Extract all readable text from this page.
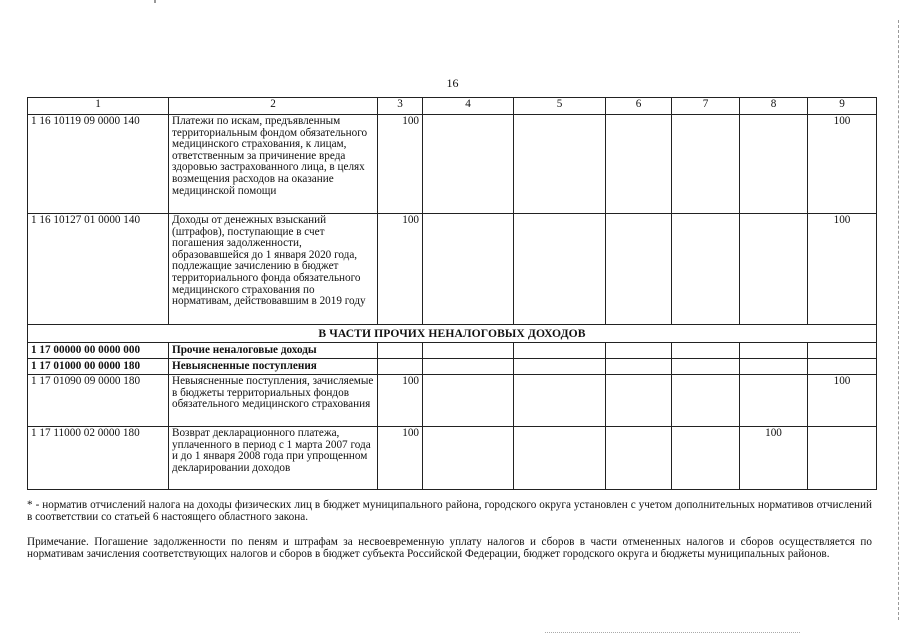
16
1	2	3	4	5	6	7	8	9
1 16 10119 09 0000 140	Платежи по искам, предъявленным территориальным фондом обязательного медицинского страхования, к лицам, ответственным за причинение вреда здоровью застрахованного лица, в целях возмещения расходов на оказание медицинской помощи	100						100
1 16 10127 01 0000 140	Доходы от денежных взысканий (штрафов), поступающие в счет погашения задолженности, образовавшейся до 1 января 2020 года, подлежащие зачислению в бюджет территориального фонда обязательного медицинского страхования по нормативам, действовавшим в 2019 году	100						100
В ЧАСТИ ПРОЧИХ НЕНАЛОГОВЫХ ДОХОДОВ								
1 17 00000 00 0000 000	Прочие неналоговые доходы							
1 17 01000 00 0000 180	Невыясненные поступления							
1 17 01090 09 0000 180	Невыясненные поступления, зачисляемые в бюджеты территориальных фондов обязательного медицинского страхования	100						100
1 17 11000 02 0000 180	Возврат декларационного платежа, уплаченного в период с 1 марта 2007 года и до 1 января 2008 года при упрощенном декларировании доходов	100					100	

* - норматив отчислений налога на доходы физических лиц в бюджет муниципального района, городского округа установлен с учетом дополнительных нормативов отчислений в соответствии со статьей 6 настоящего областного закона.

Примечание. Погашение задолженности по пеням и штрафам за несвоевременную уплату налогов и сборов в части отмененных налогов и сборов осуществляется по нормативам зачисления соответствующих налогов и сборов в бюджет субъекта Российской Федерации, бюджет городского округа и бюджеты муниципальных районов.
